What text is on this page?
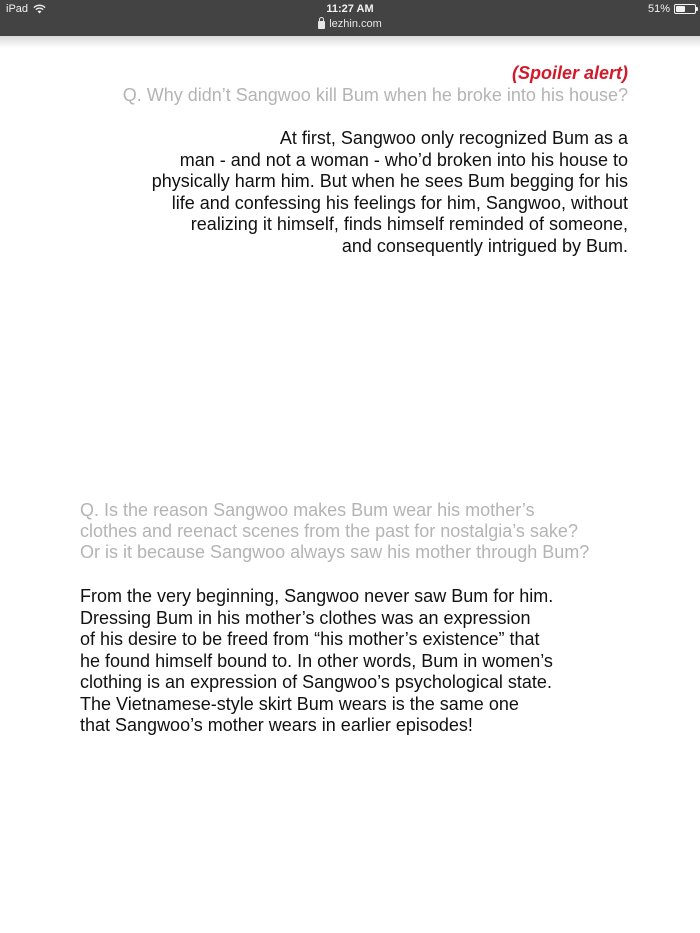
iPad	11:27 AM	51%
lezhin.com
(Spoiler alert)
Q. Why didn’t Sangwoo kill Bum when he broke into his house?
At first, Sangwoo only recognized Bum as a
man - and not a woman - who’d broken into his house to
physically harm him. But when he sees Bum begging for his
life and confessing his feelings for him, Sangwoo, without
realizing it himself, finds himself reminded of someone,
and consequently intrigued by Bum.
Q. Is the reason Sangwoo makes Bum wear his mother’s
clothes and reenact scenes from the past for nostalgia’s sake?
Or is it because Sangwoo always saw his mother through Bum?
From the very beginning, Sangwoo never saw Bum for him.
Dressing Bum in his mother’s clothes was an expression
of his desire to be freed from “his mother’s existence” that
he found himself bound to. In other words, Bum in women’s
clothing is an expression of Sangwoo’s psychological state.
The Vietnamese-style skirt Bum wears is the same one
that Sangwoo’s mother wears in earlier episodes!
